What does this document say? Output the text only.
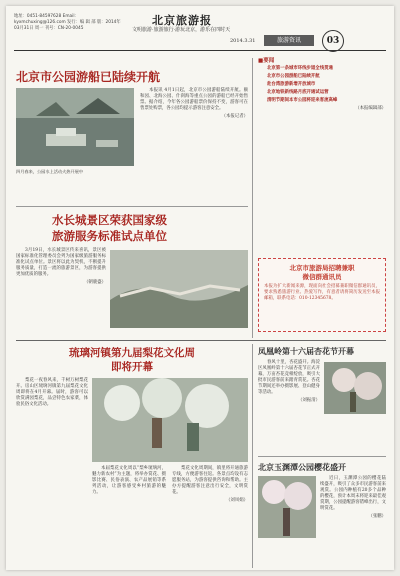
地址：0451-84597628 Email：kyxmchuxing@126.com 发行：编 辑 部 版：2014年03月31日 周一 刊号：CN-20-0045
北京旅游报
文明旅游·旅游旅行·游玩北京，游乐在四时天
2014.3.31	旅游资讯	03
北京市公园游船已陆续开航
四月春来，公园水上活动火热开展中

本报讯 4月1日起，北京市公园游船陆续开航。颐和园、北海公园、什刹海等重点公园的游船已经开始售票。据介绍，今年各公园游船票价保持不变，游客可在售票处购票，各公园均提示游客注意安全。

（本报记者）
水长城景区荣获国家级
旅游服务标准试点单位

3月19日，水长城景区传来喜讯，景区被国家标准化管理委员会列为国家级旅游服务标准化试点单位。景区将以此为契机，不断提升服务质量，打造一流的旅游景区，为游客提供更加优质的服务。

（朝鹿盛）
■要闻

北京第一条城市环线步道全线贯通

北京市公园游船已陆续开航

赴台湾旅游新增开放城市

北京地铁新线路月底开通试运营

清明节期间本市公园将迎来客流高峰

（本报编辑部）
北京市旅游局招聘兼职
微信群通讯员
本报为扩大新闻来源，现面向社会招募兼职微信群通讯员，要求熟悉旅游行业、热爱写作，有意者请将简历发送至本报邮箱，联系电话：010-12345678。
琉璃河镇第九届梨花文化周
即将开幕

梨花一夜春风来，千树万树梨花开。房山区琉璃河镇第九届梨花文化周即将在4月开幕。届时，游客可以欣赏满园梨花，品尝特色农家菜，体验民俗文化活动。

本届梨花文化周以“梨乡琉璃河，魅力新农村”为主题，将举办赏花、摄影比赛、民俗表演、农产品展销等系列活动，让游客感受乡村旅游的魅力。

梨花文化周期间，镇里将开通旅游专线，方便游客往返。各景点均设有志愿服务站，为游客提供咨询和帮助。主办方提醒游客注意出行安全，文明赏花。

（刘凤娟）
凤凰岭第十六届杏花节开幕

春风十里，杏花盛开。海淀区凤凰岭第十六届杏花节正式开幕，万亩杏花竞相绽放，吸引大批市民游客前来踏青赏花。杏花节期间还举办摄影展、登山健身等活动。

（刘振清）
北京玉渊潭公园樱花盛开

近日，玉渊潭公园的樱花陆续盛开，吸引了众多市民游客前来观赏。公园内种植有20多个品种的樱花，预计本周末将迎来最佳观赏期，公园提醒游客错峰出行，文明赏花。

（张鹏）
